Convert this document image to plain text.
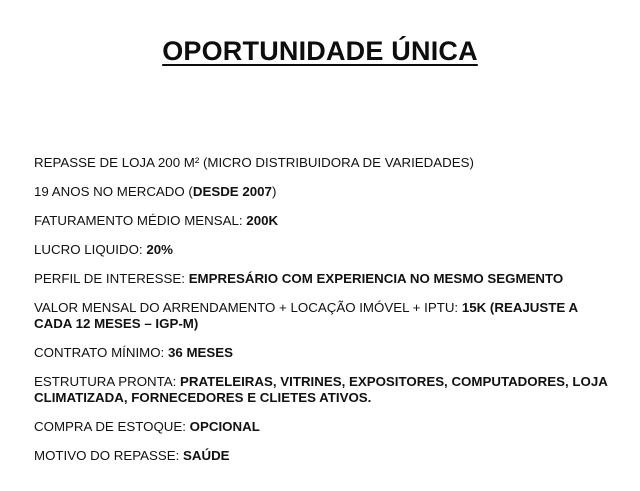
OPORTUNIDADE ÚNICA
REPASSE DE LOJA 200 M² (MICRO DISTRIBUIDORA DE VARIEDADES)
19 ANOS NO MERCADO (DESDE 2007)
FATURAMENTO MÉDIO MENSAL: 200K
LUCRO LIQUIDO: 20%
PERFIL DE INTERESSE: EMPRESÁRIO COM EXPERIENCIA NO MESMO SEGMENTO
VALOR MENSAL DO ARRENDAMENTO + LOCAÇÃO IMÓVEL + IPTU: 15K (REAJUSTE A CADA 12 MESES – IGP-M)
CONTRATO MÍNIMO: 36 MESES
ESTRUTURA PRONTA: PRATELEIRAS, VITRINES, EXPOSITORES, COMPUTADORES, LOJA CLIMATIZADA, FORNECEDORES E CLIETES ATIVOS.
COMPRA DE ESTOQUE: OPCIONAL
MOTIVO DO REPASSE: SAÚDE
